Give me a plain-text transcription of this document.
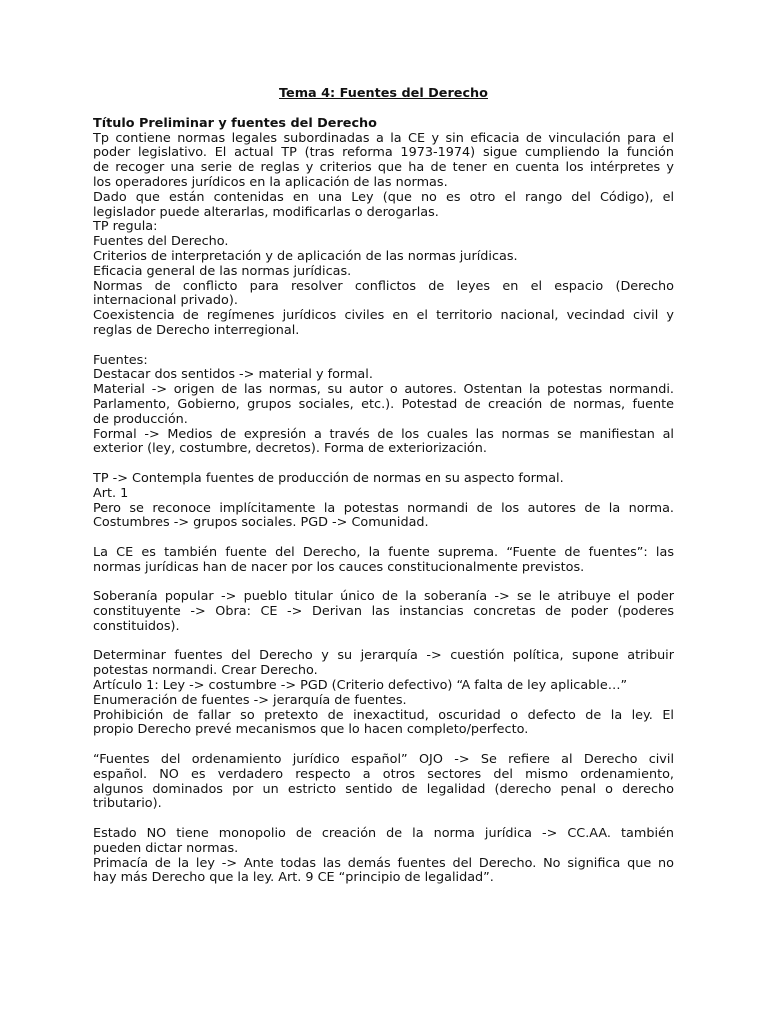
Tema 4: Fuentes del Derecho
Título Preliminar y fuentes del Derecho
Tp contiene normas legales subordinadas a la CE y sin eficacia de vinculación para el
poder legislativo. El actual TP (tras reforma 1973-1974) sigue cumpliendo la función
de recoger una serie de reglas y criterios que ha de tener en cuenta los intérpretes y
los operadores jurídicos en la aplicación de las normas.
Dado que están contenidas en una Ley (que no es otro el rango del Código), el
legislador puede alterarlas, modificarlas o derogarlas.
TP regula:
Fuentes del Derecho.
Criterios de interpretación y de aplicación de las normas jurídicas.
Eficacia general de las normas jurídicas.
Normas de conflicto para resolver conflictos de leyes en el espacio (Derecho
internacional privado).
Coexistencia de regímenes jurídicos civiles en el territorio nacional, vecindad civil y
reglas de Derecho interregional.
Fuentes:
Destacar dos sentidos -> material y formal.
Material -> origen de las normas, su autor o autores. Ostentan la potestas normandi.
Parlamento, Gobierno, grupos sociales, etc.). Potestad de creación de normas, fuente
de producción.
Formal -> Medios de expresión a través de los cuales las normas se manifiestan al
exterior (ley, costumbre, decretos). Forma de exteriorización.
TP -> Contempla fuentes de producción de normas en su aspecto formal.
Art. 1
Pero se reconoce implícitamente la potestas normandi de los autores de la norma.
Costumbres -> grupos sociales. PGD -> Comunidad.
La CE es también fuente del Derecho, la fuente suprema. “Fuente de fuentes”: las
normas jurídicas han de nacer por los cauces constitucionalmente previstos.
Soberanía popular -> pueblo titular único de la soberanía -> se le atribuye el poder
constituyente -> Obra: CE -> Derivan las instancias concretas de poder (poderes
constituidos).
Determinar fuentes del Derecho y su jerarquía -> cuestión política, supone atribuir
potestas normandi. Crear Derecho.
Artículo 1: Ley -> costumbre -> PGD (Criterio defectivo) “A falta de ley aplicable…”
Enumeración de fuentes -> jerarquía de fuentes.
Prohibición de fallar so pretexto de inexactitud, oscuridad o defecto de la ley. El
propio Derecho prevé mecanismos que lo hacen completo/perfecto.
“Fuentes del ordenamiento jurídico español” OJO -> Se refiere al Derecho civil
español. NO es verdadero respecto a otros sectores del mismo ordenamiento,
algunos dominados por un estricto sentido de legalidad (derecho penal o derecho
tributario).
Estado NO tiene monopolio de creación de la norma jurídica -> CC.AA. también
pueden dictar normas.
Primacía de la ley -> Ante todas las demás fuentes del Derecho. No significa que no
hay más Derecho que la ley. Art. 9 CE “principio de legalidad”.
